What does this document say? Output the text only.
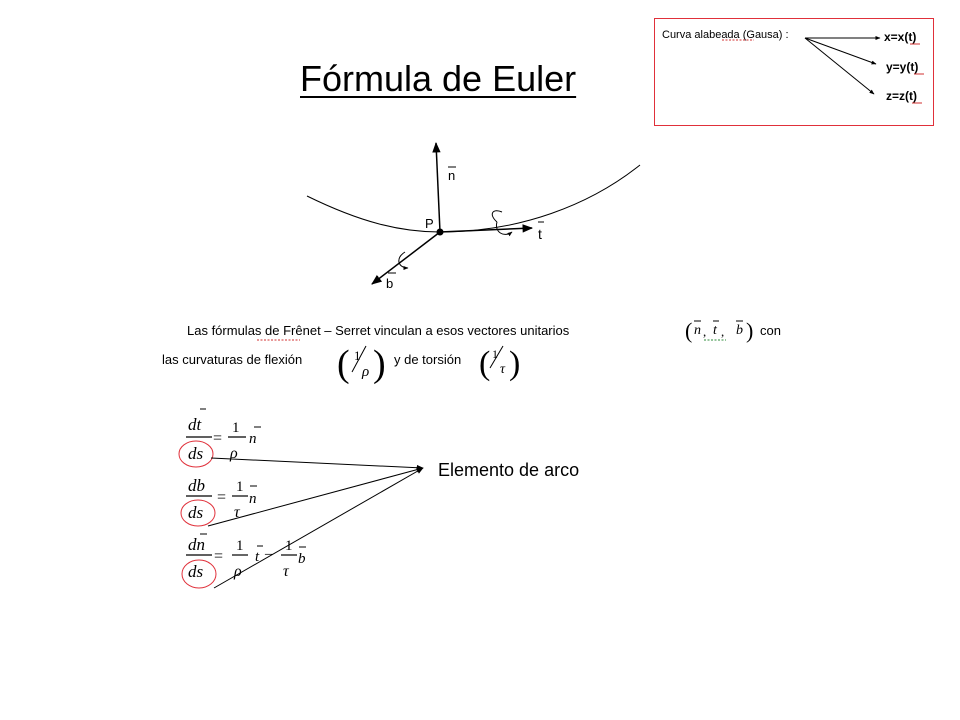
Fórmula de Euler
Curva alabeada (Gausa) :	x=x(t)
y=y(t)
z=z(t)
n
t
b
P
Las fórmulas de Frênet – Serret vinculan a esos vectores unitarios	( n , t , b ) con
las curvaturas de flexión ( 1
ρ ) y de torsión ( 1
τ )
dt
ds
=
1
ρ
n
db
ds
=
1
τ
n
dn
ds
=
1
ρ
t – 1
τ
b
Elemento de arco
